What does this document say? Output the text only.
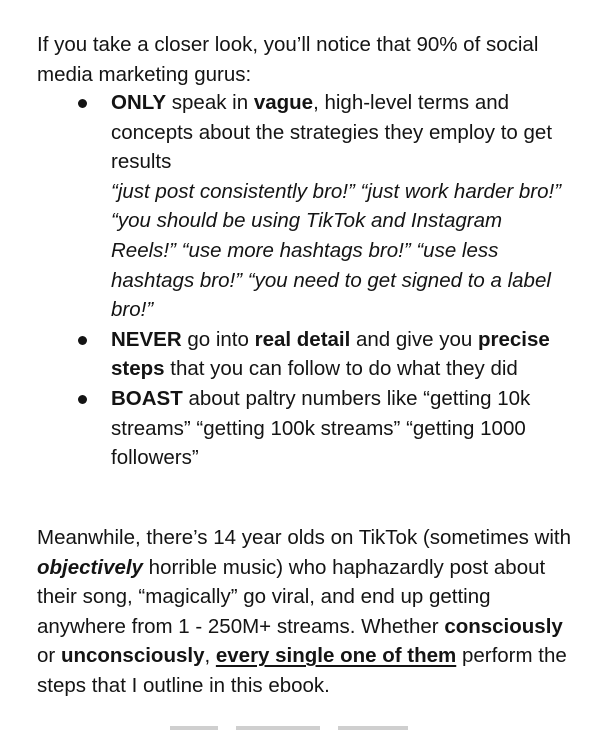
If you take a closer look, you’ll notice that 90% of social media marketing gurus:

ONLY speak in vague, high-level terms and concepts about the strategies they employ to get results
“just post consistently bro!” “just work harder bro!” “you should be using TikTok and Instagram Reels!” “use more hashtags bro!” “use less hashtags bro!” “you need to get signed to a label bro!”
NEVER go into real detail and give you precise steps that you can follow to do what they did
BOAST about paltry numbers like “getting 10k streams” “getting 100k streams” “getting 1000 followers”

Meanwhile, there’s 14 year olds on TikTok (sometimes with objectively horrible music) who haphazardly post about their song, “magically” go viral, and end up getting anywhere from 1 - 250M+ streams. Whether consciously or unconsciously, every single one of them perform the steps that I outline in this ebook.
